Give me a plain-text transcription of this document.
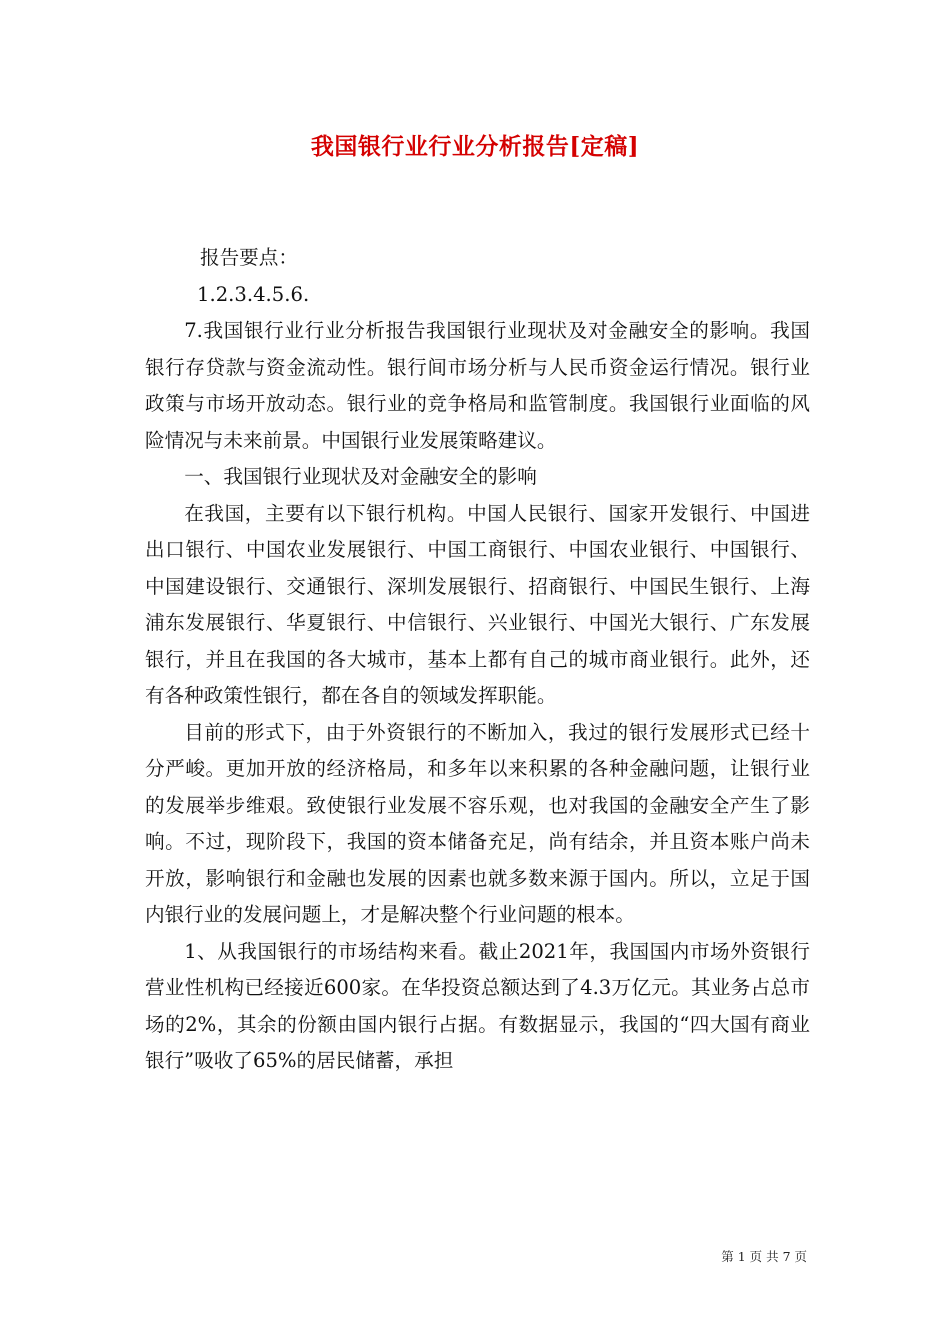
我国银行业行业分析报告[定稿]

报告要点：

1.2.3.4.5.6.

7.我国银行业行业分析报告我国银行业现状及对金融安全的影响。我国银行存贷款与资金流动性。银行间市场分析与人民币资金运行情况。银行业政策与市场开放动态。银行业的竞争格局和监管制度。我国银行业面临的风险情况与未来前景。中国银行业发展策略建议。

一、我国银行业现状及对金融安全的影响

在我国，主要有以下银行机构。中国人民银行、国家开发银行、中国进出口银行、中国农业发展银行、中国工商银行、中国农业银行、中国银行、中国建设银行、交通银行、深圳发展银行、招商银行、中国民生银行、上海浦东发展银行、华夏银行、中信银行、兴业银行、中国光大银行、广东发展银行，并且在我国的各大城市，基本上都有自己的城市商业银行。此外，还有各种政策性银行，都在各自的领域发挥职能。

目前的形式下，由于外资银行的不断加入，我过的银行发展形式已经十分严峻。更加开放的经济格局，和多年以来积累的各种金融问题，让银行业的发展举步维艰。致使银行业发展不容乐观，也对我国的金融安全产生了影响。不过，现阶段下，我国的资本储备充足，尚有结余，并且资本账户尚未开放，影响银行和金融也发展的因素也就多数来源于国内。所以，立足于国内银行业的发展问题上，才是解决整个行业问题的根本。

1、从我国银行的市场结构来看。截止2021年，我国国内市场外资银行营业性机构已经接近600家。在华投资总额达到了4.3万亿元。其业务占总市场的2%，其余的份额由国内银行占据。有数据显示，我国的“四大国有商业银行”吸收了65%的居民储蓄，承担

第 1 页 共 7 页
